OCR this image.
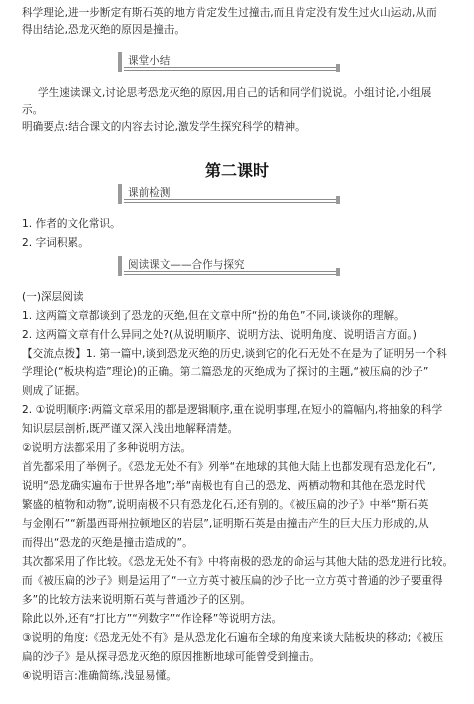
科学理论,进一步断定有斯石英的地方肯定发生过撞击,而且肯定没有发生过火山运动,从而
得出结论,恐龙灭绝的原因是撞击。
课堂小结
学生速读课文,讨论思考恐龙灭绝的原因,用自己的话和同学们说说。小组讨论,小组展
示。
明确要点:结合课文的内容去讨论,激发学生探究科学的精神。
第二课时
课前检测
1. 作者的文化常识。
2. 字词积累。
阅读课文——合作与探究
(一)深层阅读
1. 这两篇文章都谈到了恐龙的灭绝,但在文章中所“扮的角色”不同,谈谈你的理解。
2. 这两篇文章有什么异同之处?(从说明顺序、说明方法、说明角度、说明语言方面。)
【交流点拨】1. 第一篇中,谈到恐龙灭绝的历史,谈到它的化石无处不在是为了证明另一个科
学理论(“板块构造”理论)的正确。第二篇恐龙的灭绝成为了探讨的主题,“被压扁的沙子”
则成了证据。
2. ①说明顺序:两篇文章采用的都是逻辑顺序,重在说明事理,在短小的篇幅内,将抽象的科学
知识层层剖析,既严谨又深入浅出地解释清楚。
②说明方法都采用了多种说明方法。
首先都采用了举例子。《恐龙无处不有》列举“在地球的其他大陆上也都发现有恐龙化石”,
说明“恐龙确实遍布于世界各地”;举“南极也有自己的恐龙、两栖动物和其他在恐龙时代
繁盛的植物和动物”,说明南极不只有恐龙化石,还有别的。《被压扁的沙子》中举“斯石英
与金刚石”“新墨西哥州拉顿地区的岩层”,证明斯石英是由撞击产生的巨大压力形成的,从
而得出“恐龙的灭绝是撞击造成的”。
其次都采用了作比较。《恐龙无处不有》中将南极的恐龙的命运与其他大陆的恐龙进行比较。
而《被压扁的沙子》则是运用了“一立方英寸被压扁的沙子比一立方英寸普通的沙子要重得
多”的比较方法来说明斯石英与普通沙子的区别。
除此以外,还有“打比方”“列数字”“作诠释”等说明方法。
③说明的角度:《恐龙无处不有》是从恐龙化石遍布全球的角度来谈大陆板块的移动;《被压
扁的沙子》是从探寻恐龙灭绝的原因推断地球可能曾受到撞击。
④说明语言:准确简练,浅显易懂。
